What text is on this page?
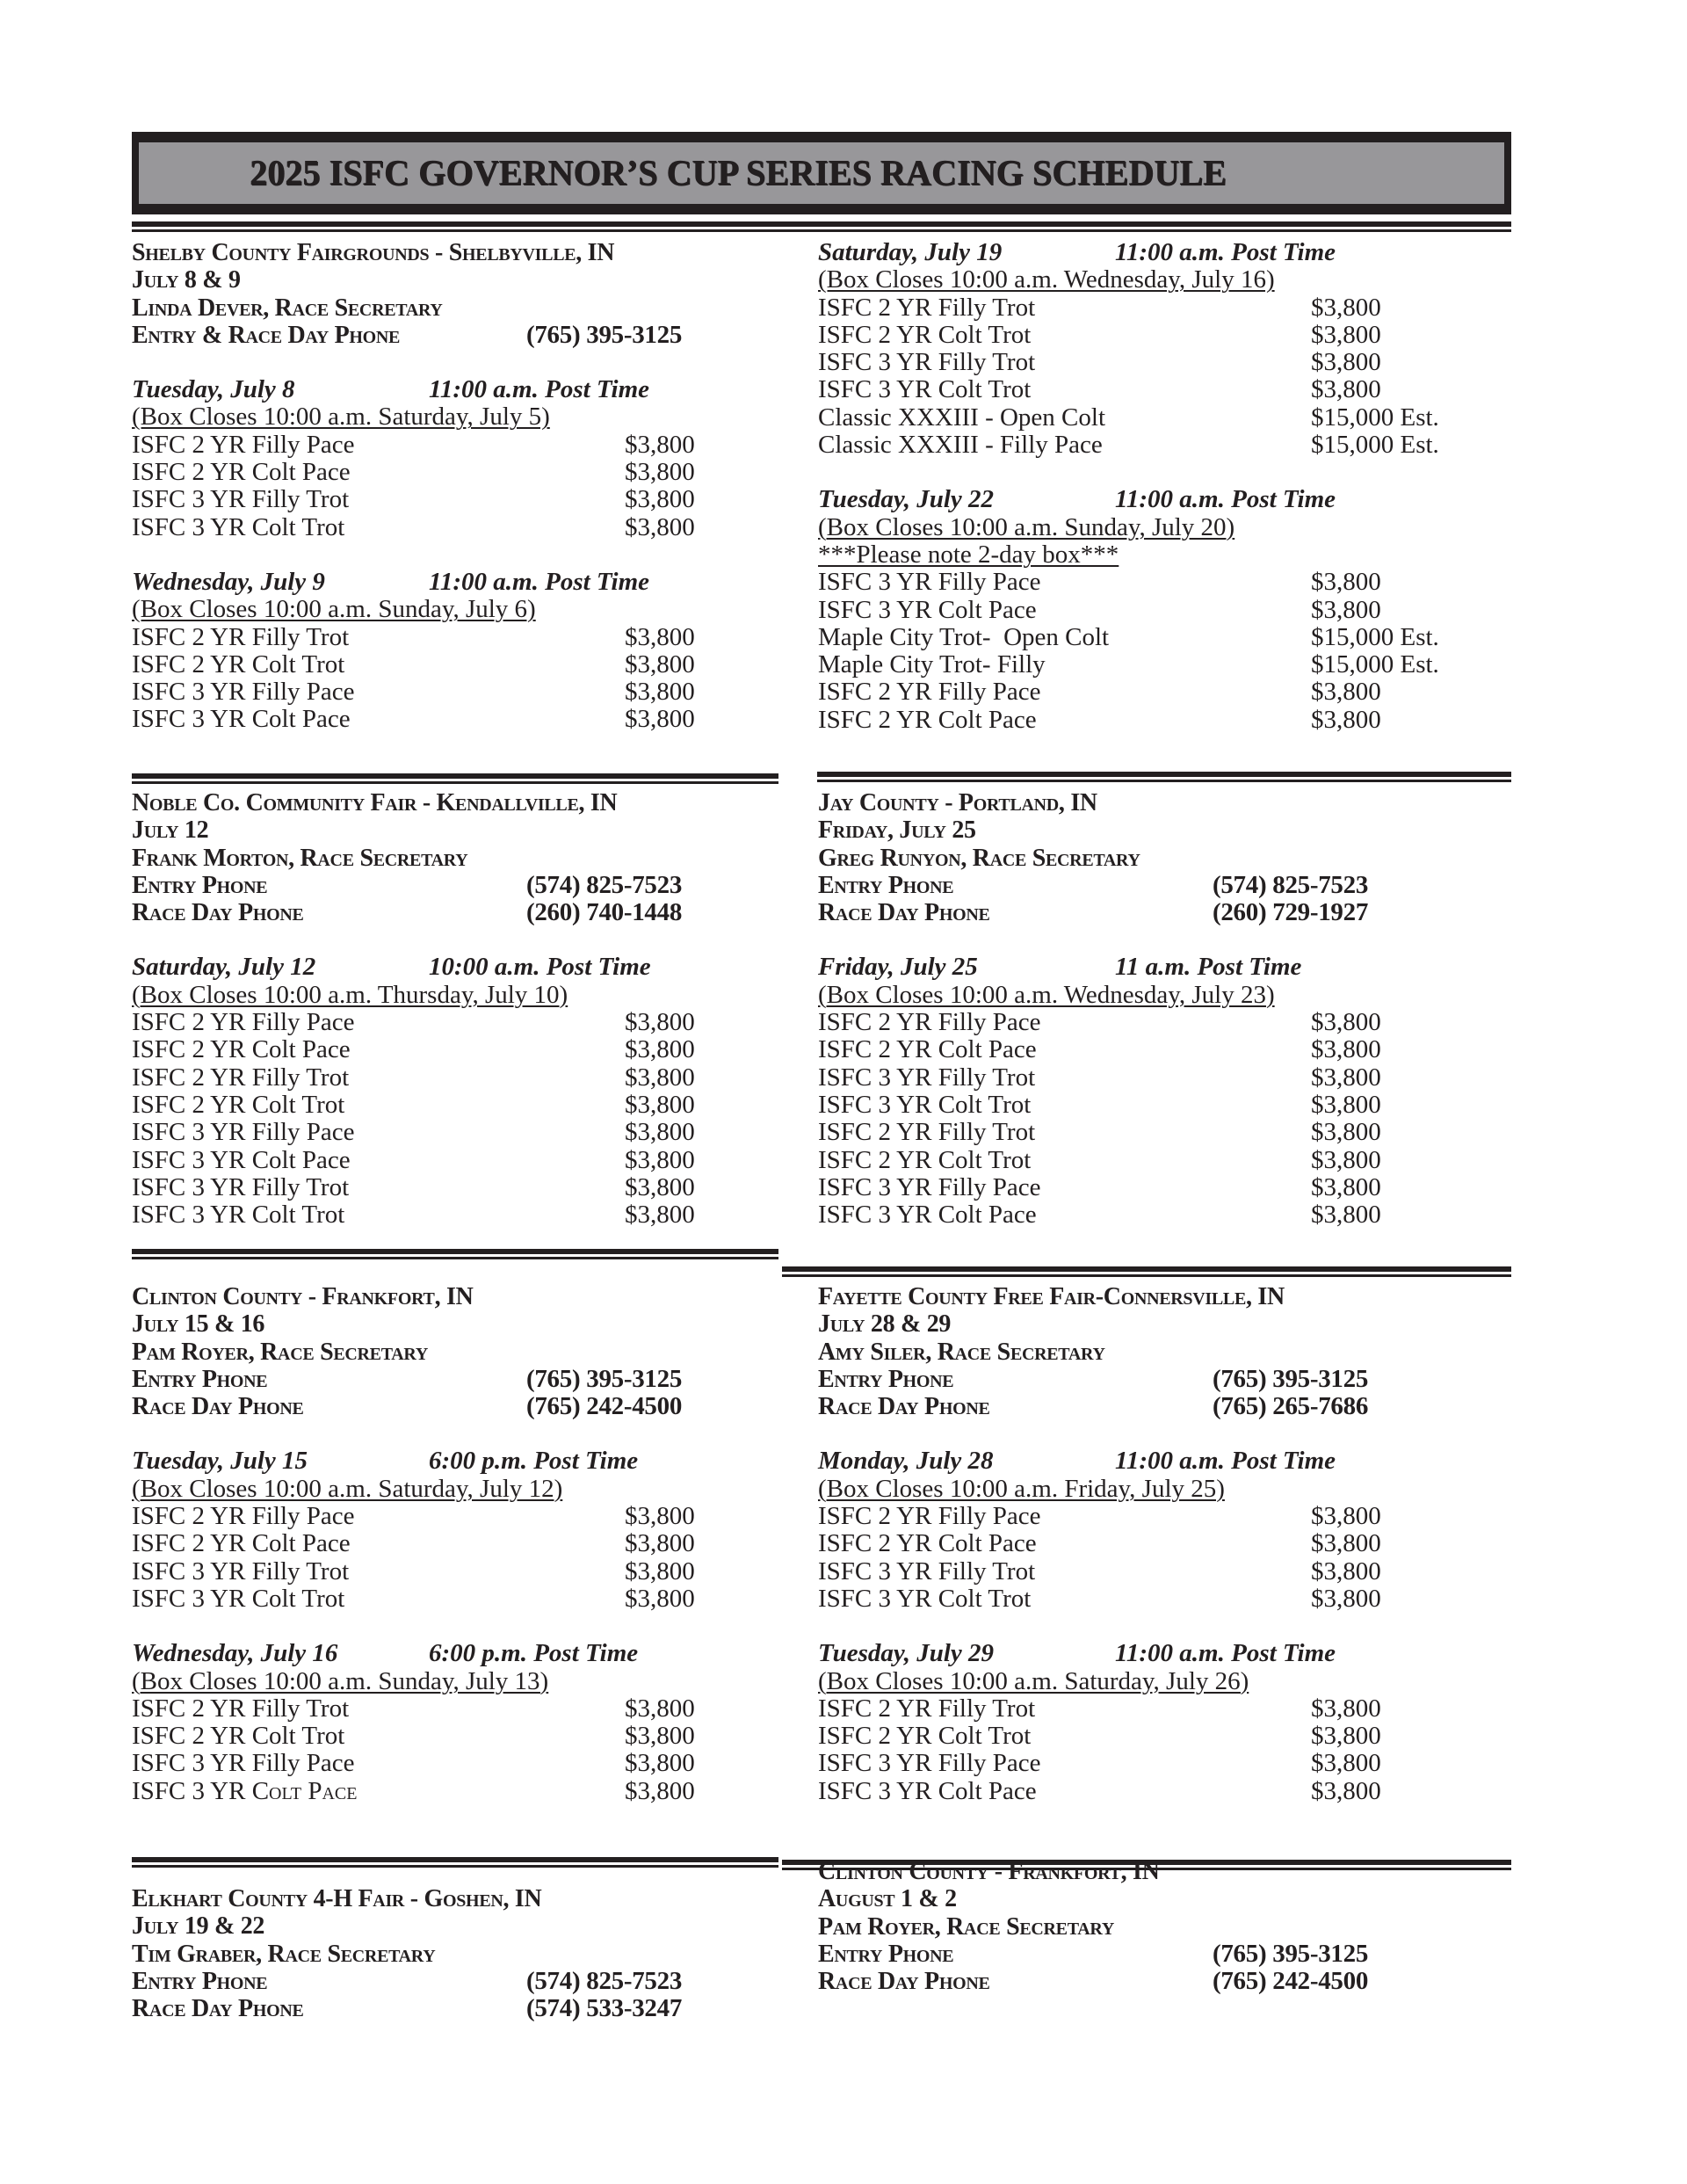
2025 ISFC GOVERNOR’S CUP SERIES RACING SCHEDULE
Shelby County Fairgrounds - Shelbyville, IN
July 8 & 9
Linda Dever, Race Secretary
Entry & Race Day Phone	(765) 395-3125
Tuesday, July 8	11:00 a.m. Post Time
(Box Closes 10:00 a.m. Saturday, July 5)
ISFC 2 YR Filly Pace	$3,800
ISFC 2 YR Colt Pace	$3,800
ISFC 3 YR Filly Trot	$3,800
ISFC 3 YR Colt Trot	$3,800
Wednesday, July 9	11:00 a.m. Post Time
(Box Closes 10:00 a.m. Sunday, July 6)
ISFC 2 YR Filly Trot	$3,800
ISFC 2 YR Colt Trot	$3,800
ISFC 3 YR Filly Pace	$3,800
ISFC 3 YR Colt Pace	$3,800
Saturday, July 19	11:00 a.m. Post Time
(Box Closes 10:00 a.m. Wednesday, July 16)
ISFC 2 YR Filly Trot	$3,800
ISFC 2 YR Colt Trot	$3,800
ISFC 3 YR Filly Trot	$3,800
ISFC 3 YR Colt Trot	$3,800
Classic XXXIII - Open Colt	$15,000 Est.
Classic XXXIII - Filly Pace	$15,000 Est.
Tuesday, July 22	11:00 a.m. Post Time
(Box Closes 10:00 a.m. Sunday, July 20)
***Please note 2-day box***
ISFC 3 YR Filly Pace	$3,800
ISFC 3 YR Colt Pace	$3,800
Maple City Trot-  Open Colt	$15,000 Est.
Maple City Trot- Filly	$15,000 Est.
ISFC 2 YR Filly Pace	$3,800
ISFC 2 YR Colt Pace	$3,800
Noble Co. Community Fair - Kendallville, IN
July 12
Frank Morton, Race Secretary
Entry Phone	(574) 825-7523
Race Day Phone	(260) 740-1448
Saturday, July 12	10:00 a.m. Post Time
(Box Closes 10:00 a.m. Thursday, July 10)
ISFC 2 YR Filly Pace	$3,800
ISFC 2 YR Colt Pace	$3,800
ISFC 2 YR Filly Trot	$3,800
ISFC 2 YR Colt Trot	$3,800
ISFC 3 YR Filly Pace	$3,800
ISFC 3 YR Colt Pace	$3,800
ISFC 3 YR Filly Trot	$3,800
ISFC 3 YR Colt Trot	$3,800
Jay County - Portland, IN
Friday, July 25
Greg Runyon, Race Secretary
Entry Phone	(574) 825-7523
Race Day Phone	(260) 729-1927
Friday, July 25	11 a.m. Post Time
(Box Closes 10:00 a.m. Wednesday, July 23)
ISFC 2 YR Filly Pace	$3,800
ISFC 2 YR Colt Pace	$3,800
ISFC 3 YR Filly Trot	$3,800
ISFC 3 YR Colt Trot	$3,800
ISFC 2 YR Filly Trot	$3,800
ISFC 2 YR Colt Trot	$3,800
ISFC 3 YR Filly Pace	$3,800
ISFC 3 YR Colt Pace	$3,800
Clinton County - Frankfort, IN
July 15 & 16
Pam Royer, Race Secretary
Entry Phone	(765) 395-3125
Race Day Phone	(765) 242-4500
Tuesday, July 15	6:00 p.m. Post Time
(Box Closes 10:00 a.m. Saturday, July 12)
ISFC 2 YR Filly Pace	$3,800
ISFC 2 YR Colt Pace	$3,800
ISFC 3 YR Filly Trot	$3,800
ISFC 3 YR Colt Trot	$3,800
Wednesday, July 16	6:00 p.m. Post Time
(Box Closes 10:00 a.m. Sunday, July 13)
ISFC 2 YR Filly Trot	$3,800
ISFC 2 YR Colt Trot	$3,800
ISFC 3 YR Filly Pace	$3,800
ISFC 3 YR Colt Pace	$3,800
Fayette County Free Fair-Connersville, IN
July 28 & 29
Amy Siler, Race Secretary
Entry Phone	(765) 395-3125
Race Day Phone	(765) 265-7686
Monday, July 28	11:00 a.m. Post Time
(Box Closes 10:00 a.m. Friday, July 25)
ISFC 2 YR Filly Pace	$3,800
ISFC 2 YR Colt Pace	$3,800
ISFC 3 YR Filly Trot	$3,800
ISFC 3 YR Colt Trot	$3,800
Tuesday, July 29	11:00 a.m. Post Time
(Box Closes 10:00 a.m. Saturday, July 26)
ISFC 2 YR Filly Trot	$3,800
ISFC 2 YR Colt Trot	$3,800
ISFC 3 YR Filly Pace	$3,800
ISFC 3 YR Colt Pace	$3,800
Elkhart County 4-H Fair - Goshen, IN
July 19 & 22
Tim Graber, Race Secretary
Entry Phone	(574) 825-7523
Race Day Phone	(574) 533-3247
Clinton County - Frankfort, IN
August 1 & 2
Pam Royer, Race Secretary
Entry Phone	(765) 395-3125
Race Day Phone	(765) 242-4500
